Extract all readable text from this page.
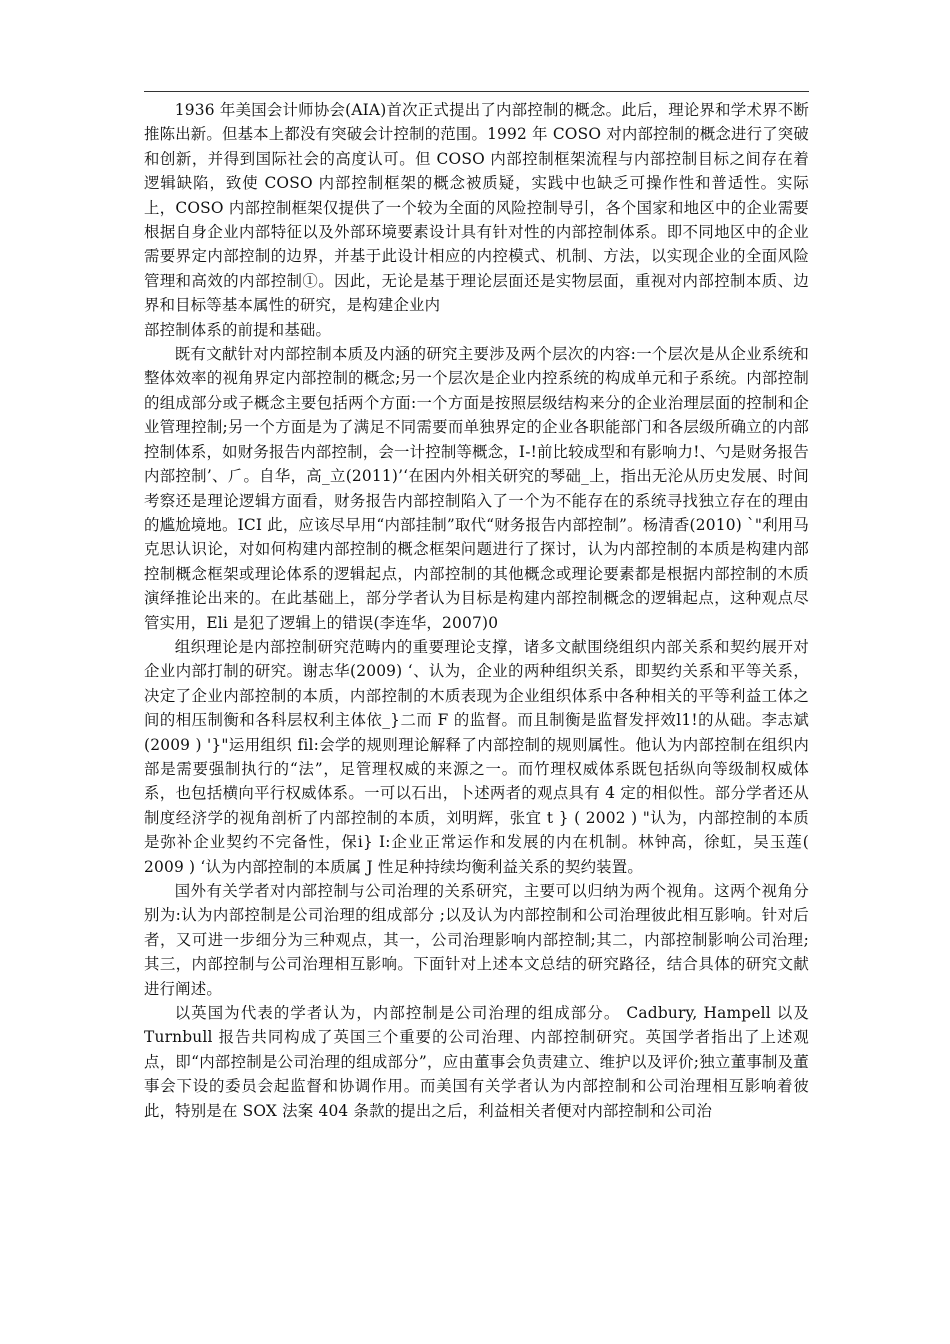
1936 年美国会计师协会(AIA)首次正式提出了内部控制的概念。此后，理论界和学术界不断推陈出新。但基本上都没有突破会计控制的范围。1992 年 COSO 对内部控制的概念进行了突破和创新，并得到国际社会的高度认可。但 COSO 内部控制框架流程与内部控制目标之间存在着逻辑缺陷，致使 COSO 内部控制框架的概念被质疑，实践中也缺乏可操作性和普适性。实际上，COSO 内部控制框架仅提供了一个较为全面的风险控制导引，各个国家和地区中的企业需要根据自身企业内部特征以及外部环境要素设计具有针对性的内部控制体系。即不同地区中的企业需要界定内部控制的边界，并基于此设计相应的内控模式、机制、方法，以实现企业的全面风险管理和高效的内部控制①。因此，无论是基于理论层面还是实物层面，重视对内部控制本质、边界和目标等基本属性的研究，是构建企业内

部控制体系的前提和基础。

既有文献针对内部控制本质及内涵的研究主要涉及两个层次的内容:一个层次是从企业系统和整体效率的视角界定内部控制的概念;另一个层次是企业内控系统的构成单元和子系统。内部控制的组成部分或子概念主要包括两个方面:一个方面是按照层级结构来分的企业治理层面的控制和企业管理控制;另一个方面是为了满足不同需要而单独界定的企业各职能部门和各层级所确立的内部控制体系，如财务报告内部控制，会一计控制等概念，I-!前比较成型和有影响力!、勺是财务报告内部控制’、⺁。自华，高_立(2011)’‘在困内外相关研究的琴础_上，指出无沦从历史发展、时间考察还是理论逻辑方面看，财务报告内部控制陷入了一个为不能存在的系统寻找独立存在的理由的尴尬境地。ICI 此，应该尽早用“内部挂制”取代“财务报告内部控制”。杨清香(2010) `"利用马克思认识论，对如何构建内部控制的概念框架问题进行了探讨，认为内部控制的本质是构建内部控制概念框架或理论体系的逻辑起点，内部控制的其他概念或理论要素都是根据内部控制的木质演绎推论出来的。在此基础上，部分学者认为目标是构建内部控制概念的逻辑起点，这种观点尽管实用，Eli 是犯了逻辑上的错误(李连华，2007)0

组织理论是内部控制研究范畴内的重要理论支撑，诸多文献围绕组织内部关系和契约展开对企业内部打制的研究。谢志华(2009) ‘、认为，企业的两种组织关系，即契约关系和平等关系，决定了企业内部控制的本质，内部控制的木质表现为企业组织体系中各种相关的平等利益工体之间的相压制衡和各科层权利主体依_}二而 F 的监督。而且制衡是监督发抨效l1!的从础。李志斌(2009 ) '}"运用组织 fil:会学的规则理论解释了内部控制的规则属性。他认为内部控制在组织内部是需要强制执行的“法”，足管理权威的来源之一。而竹理权威体系既包括纵向等级制权威体系，也包括横向平行权威体系。一可以石出，卜述两者的观点具有 4 定的相似性。部分学者还从制度经济学的视角剖析了内部控制的本质，刘明辉，张宜 t } ( 2002 ) "认为，内部控制的本质是弥补企业契约不完备性，保i} I:企业正常运作和发展的内在机制。林钟高，徐虹，吴玉莲( 2009 ) ‘认为内部控制的本质属 J 性足种持续均衡利益关系的契约装置。

国外有关学者对内部控制与公司治理的关系研究，主要可以归纳为两个视角。这两个视角分别为:认为内部控制是公司治理的组成部分 ;以及认为内部控制和公司治理彼此相互影响。针对后者，又可进一步细分为三种观点，其一，公司治理影响内部控制;其二，内部控制影响公司治理;其三，内部控制与公司治理相互影响。下面针对上述本文总结的研究路径，结合具体的研究文献进行阐述。

以英国为代表的学者认为，内部控制是公司治理的组成部分。 Cadbury, Hampell 以及 Turnbull 报告共同构成了英国三个重要的公司治理、内部控制研究。英国学者指出了上述观点，即“内部控制是公司治理的组成部分”，应由董事会负责建立、维护以及评价;独立董事制及董事会下设的委员会起监督和协调作用。而美国有关学者认为内部控制和公司治理相互影响着彼此，特别是在 SOX 法案 404 条款的提出之后，利益相关者便对内部控制和公司治
